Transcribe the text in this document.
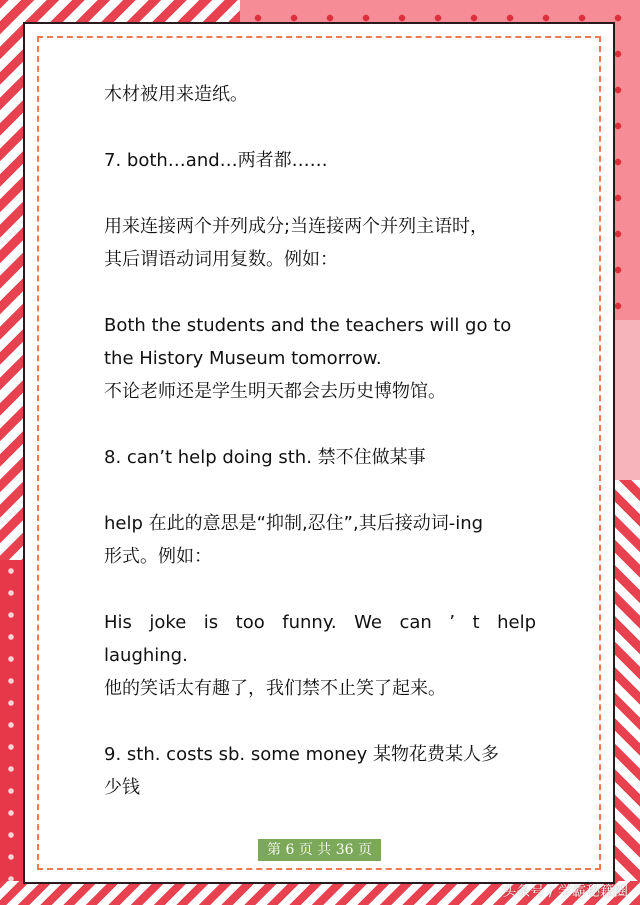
木材被用来造纸。

7. both…and…两者都……

用来连接两个并列成分;当连接两个并列主语时，

其后谓语动词用复数。例如：

Both the students and the teachers will go to

the History Museum tomorrow.

不论老师还是学生明天都会去历史博物馆。

8. can’t help doing sth. 禁不住做某事

help 在此的意思是“抑制,忍住”,其后接动词-ing

形式。例如：

His joke is too funny. We can ’ t help

laughing.

他的笑话太有趣了，我们禁不止笑了起来。

9. sth. costs sb. some money 某物花费某人多

少钱

第 6 页 共 36 页
头条号 / 学霸秘籍圈
